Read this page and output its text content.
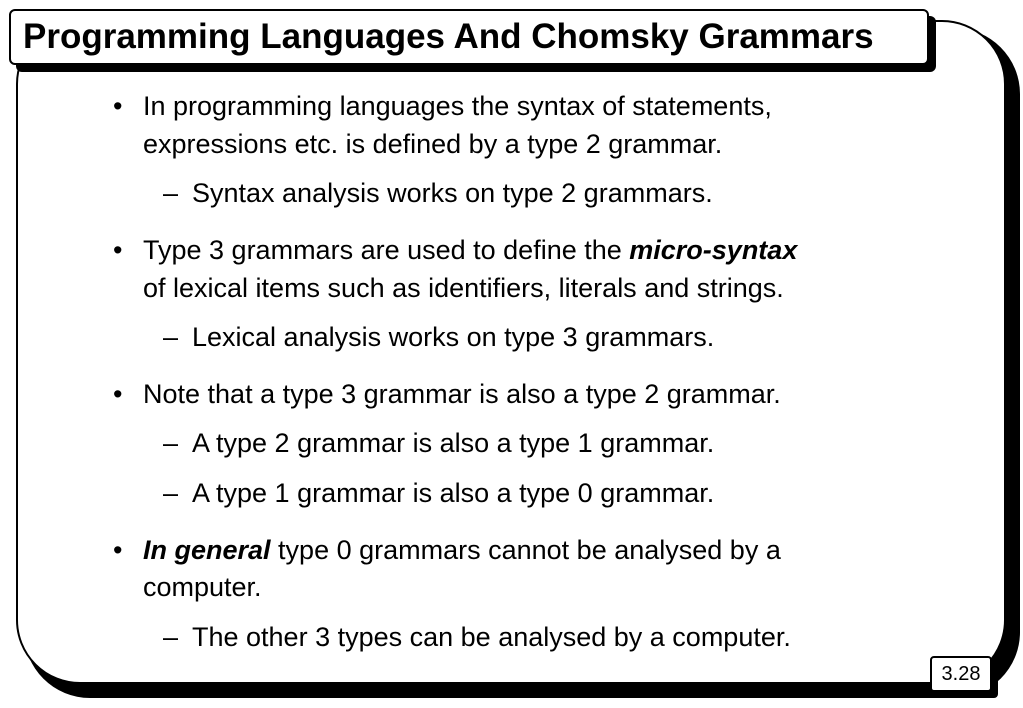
Programming Languages And Chomsky Grammars
• In programming languages the syntax of statements,
expressions etc. is defined by a type 2 grammar.
– Syntax analysis works on type 2 grammars.
• Type 3 grammars are used to define the micro-syntax
of lexical items such as identifiers, literals and strings.
– Lexical analysis works on type 3 grammars.
• Note that a type 3 grammar is also a type 2 grammar.
– A type 2 grammar is also a type 1 grammar.
– A type 1 grammar is also a type 0 grammar.
• In general type 0 grammars cannot be analysed by a
computer.
– The other 3 types can be analysed by a computer.
3.28
